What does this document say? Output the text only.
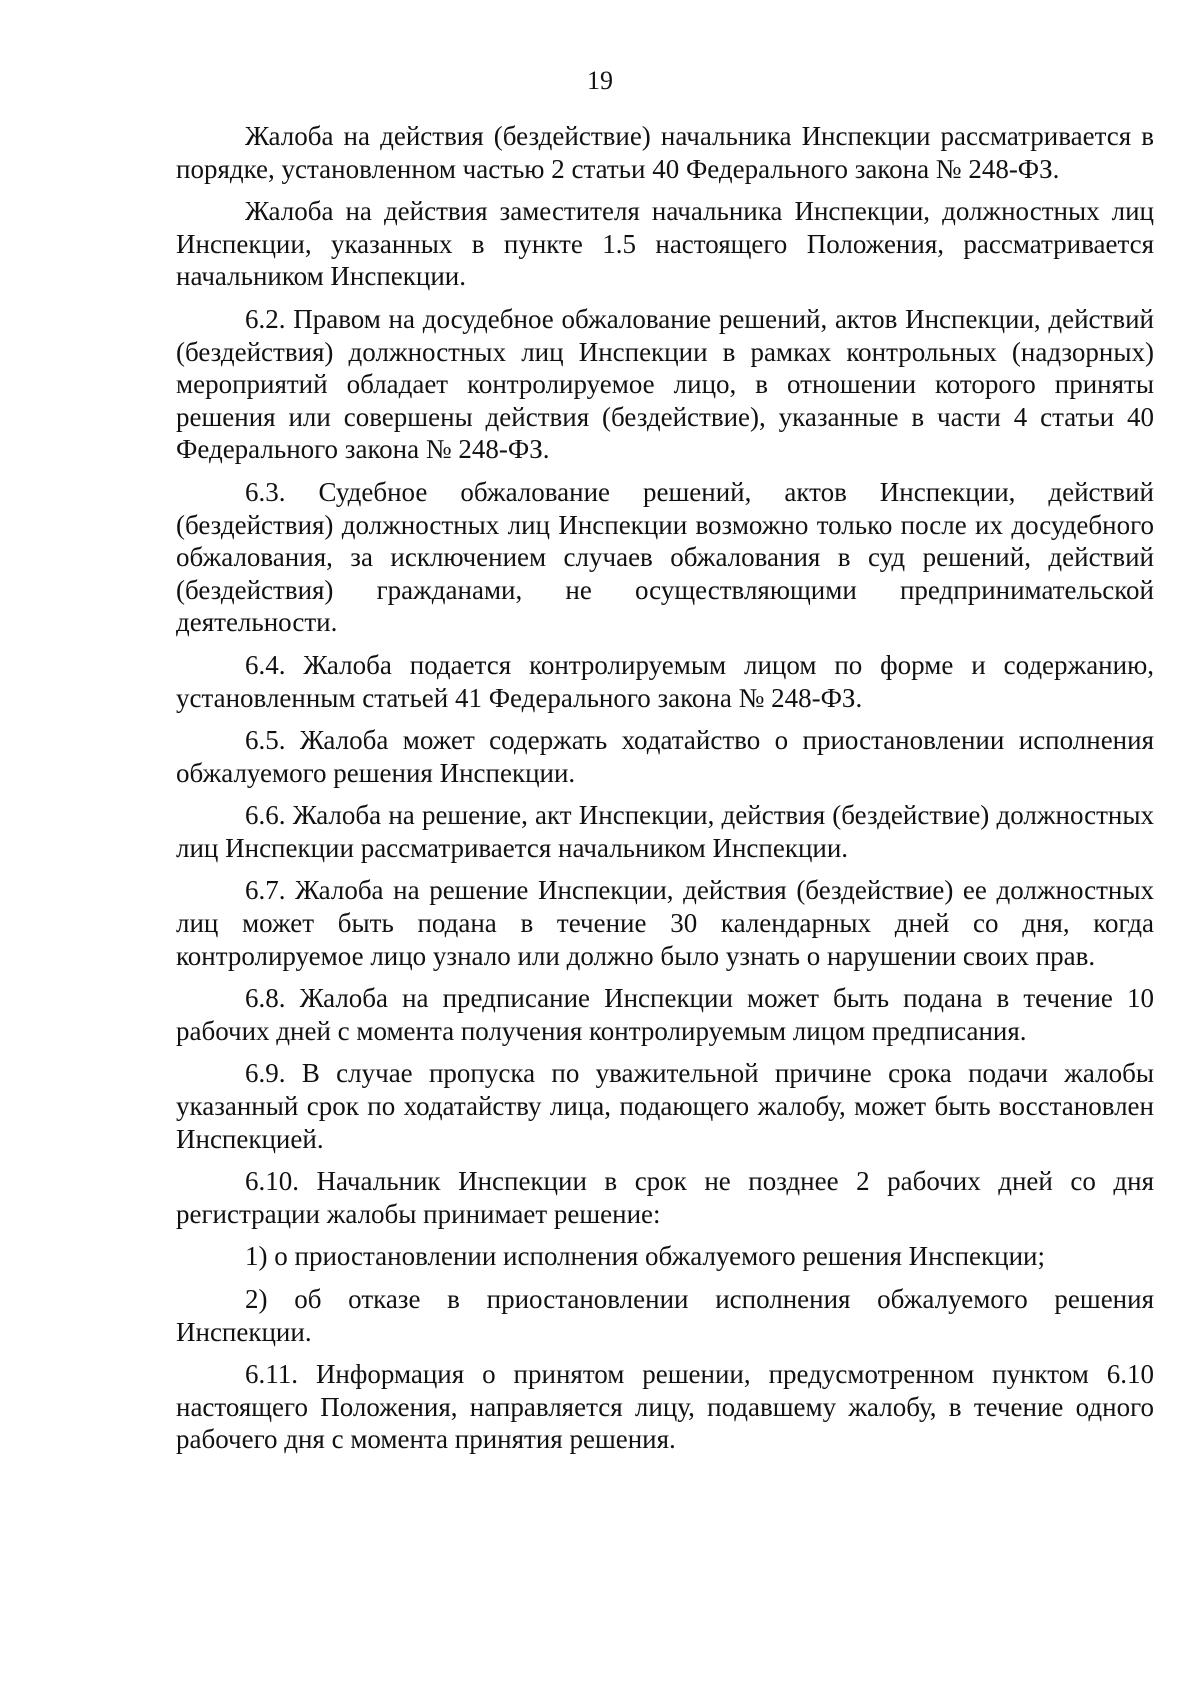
19

Жалоба на действия (бездействие) начальника Инспекции рассматривается в порядке, установленном частью 2 статьи 40 Федерального закона № 248-ФЗ.

Жалоба на действия заместителя начальника Инспекции, должностных лиц Инспекции, указанных в пункте 1.5 настоящего Положения, рассматривается начальником Инспекции.

6.2. Правом на досудебное обжалование решений, актов Инспекции, действий (бездействия) должностных лиц Инспекции в рамках контрольных (надзорных) мероприятий обладает контролируемое лицо, в отношении которого приняты решения или совершены действия (бездействие), указанные в части 4 статьи 40 Федерального закона № 248-ФЗ.

6.3. Судебное обжалование решений, актов Инспекции, действий (бездействия) должностных лиц Инспекции возможно только после их досудебного обжалования, за исключением случаев обжалования в суд решений, действий (бездействия) гражданами, не осуществляющими предпринимательской деятельности.

6.4. Жалоба подается контролируемым лицом по форме и содержанию, установленным статьей 41 Федерального закона № 248-ФЗ.

6.5. Жалоба может содержать ходатайство о приостановлении исполнения обжалуемого решения Инспекции.

6.6. Жалоба на решение, акт Инспекции, действия (бездействие) должностных лиц Инспекции рассматривается начальником Инспекции.

6.7. Жалоба на решение Инспекции, действия (бездействие) ее должностных лиц может быть подана в течение 30 календарных дней со дня, когда контролируемое лицо узнало или должно было узнать о нарушении своих прав.

6.8. Жалоба на предписание Инспекции может быть подана в течение 10 рабочих дней с момента получения контролируемым лицом предписания.

6.9. В случае пропуска по уважительной причине срока подачи жалобы указанный срок по ходатайству лица, подающего жалобу, может быть восстановлен Инспекцией.

6.10. Начальник Инспекции в срок не позднее 2 рабочих дней со дня регистрации жалобы принимает решение:

1) о приостановлении исполнения обжалуемого решения Инспекции;

2) об отказе в приостановлении исполнения обжалуемого решения Инспекции.

6.11. Информация о принятом решении, предусмотренном пунктом 6.10 настоящего Положения, направляется лицу, подавшему жалобу, в течение одного рабочего дня с момента принятия решения.
